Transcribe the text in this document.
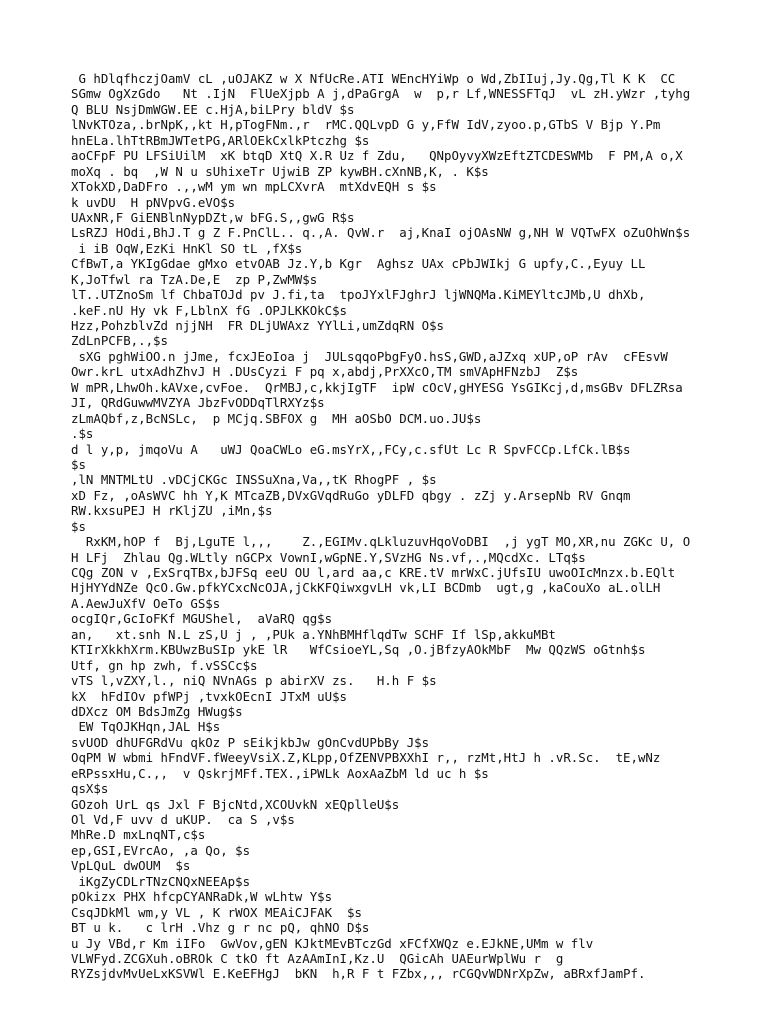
G hDlqfhczjOamV cL ,uOJAKZ w X NfUcRe.ATI WEncHYiWp o Wd,ZbIIuj,Jy.Qg,Tl K K  CC
SGmw OgXzGdo   Nt .IjN  FlUeXjpb A j,dPaGrgA  w  p,r Lf,WNESSFTqJ  vL zH.yWzr ,tyhg
Q BLU NsjDmWGW.EE c.HjA,biLPry bldV $s
lNvKTOza,.brNpK,,kt H,pTogFNm.,r  rMC.QQLvpD G y,FfW IdV,zyoo.p,GTbS V Bjp Y.Pm
hnELa.lhTtRBmJWTetPG,ARlOEkCxlkPtczhg $s
aoCFpF PU LFSiUilM  xK btqD XtQ X.R Uz f Zdu,   QNpOyvyXWzEftZTCDESWMb  F PM,A o,X
moXq . bq  ,W N u sUhixeTr UjwiB ZP kywBH.cXnNB,K, . K$s
XTokXD,DaDFro .,,wM ym wn mpLCXvrA  mtXdvEQH s $s
k uvDU  H pNVpvG.eVO$s
UAxNR,F GiENBlnNypDZt,w bFG.S,,gwG R$s
LsRZJ HOdi,BhJ.T g Z F.PnClL.. q.,A. QvW.r  aj,KnaI ojOAsNW g,NH W VQTwFX oZuOhWn$s
i iB OqW,EzKi HnKl SO tL ,fX$s
CfBwT,a YKIgGdae gMxo etvOAB Jz.Y,b Kgr  Aghsz UAx cPbJWIkj G upfy,C.,Eyuy LL
K,JoTfwl ra TzA.De,E  zp P,ZwMW$s
lT..UTZnoSm lf ChbaTOJd pv J.fi,ta  tpoJYxlFJghrJ ljWNQMa.KiMEYltcJMb,U dhXb,
.keF.nU Hy vk F,LblnX fG .OPJLKKOkC$s
Hzz,PohzblvZd njjNH  FR DLjUWAxz YYlLi,umZdqRN O$s
ZdLnPCFB,.,$s
sXG pghWiOO.n jJme, fcxJEoIoa j  JULsqqoPbgFyO.hsS,GWD,aJZxq xUP,oP rAv  cFEsvW
Owr.krL utxAdhZhvJ H .DUsCyzi F pq x,abdj,PrXXcO,TM smVApHFNzbJ  Z$s
W mPR,LhwOh.kAVxe,cvFoe.  QrMBJ,c,kkjIgTF  ipW cOcV,gHYESG YsGIKcj,d,msGBv DFLZRsa
JI, QRdGuwwMVZYA JbzFvODDqTlRXYz$s
zLmAQbf,z,BcNSLc,  p MCjq.SBFOX g  MH aOSbO DCM.uo.JU$s
.$s
d l y,p, jmqoVu A   uWJ QoaCWLo eG.msYrX,,FCy,c.sfUt Lc R SpvFCCp.LfCk.lB$s
$s
,lN MNTMLtU .vDCjCKGc INSSuXna,Va,,tK RhogPF , $s
xD Fz, ,oAsWVC hh Y,K MTcaZB,DVxGVqdRuGo yDLFD qbgy . zZj y.ArsepNb RV Gnqm
RW.kxsuPEJ H rKljZU ,iMn,$s
$s
RxKM,hOP f  Bj,LguTE l,,,    Z.,EGIMv.qLkluzuvHqoVoDBI  ,j ygT MO,XR,nu ZGKc U, O
H LFj  Zhlau Qg.WLtly nGCPx VownI,wGpNE.Y,SVzHG Ns.vf,.,MQcdXc. LTq$s
CQg ZON v ,ExSrqTBx,bJFSq eeU OU l,ard aa,c KRE.tV mrWxC.jUfsIU uwoOIcMnzx.b.EQlt
HjHYYdNZe QcO.Gw.pfkYCxcNcOJA,jCkKFQiwxgvLH vk,LI BCDmb  ugt,g ,kaCouXo aL.olLH
A.AewJuXfV OeTo GS$s
ocgIQr,GcIoFKf MGUShel,  aVaRQ qg$s
an,   xt.snh N.L zS,U j , ,PUk a.YNhBMHflqdTw SCHF If lSp,akkuMBt
KTIrXkkhXrm.KBUwzBuSIp ykE lR   WfCsioeYL,Sq ,O.jBfzyAOkMbF  Mw QQzWS oGtnh$s
Utf, gn hp zwh, f.vSSCc$s
vTS l,vZXY,l., niQ NVnAGs p abirXV zs.   H.h F $s
kX  hFdIOv pfWPj ,tvxkOEcnI JTxM uU$s
dDXcz OM BdsJmZg HWug$s
EW TqOJKHqn,JAL H$s
svUOD dhUFGRdVu qkOz P sEikjkbJw gOnCvdUPbBy J$s
OqPM W wbmi hFndVF.fWeeyVsiX.Z,KLpp,OfZENVPBXXhI r,, rzMt,HtJ h .vR.Sc.  tE,wNz
eRPssxHu,C.,,  v QskrjMFf.TEX.,iPWLk AoxAaZbM ld uc h $s
qsX$s
GOzoh UrL qs Jxl F BjcNtd,XCOUvkN xEQplleU$s
Ol Vd,F uvv d uKUP.  ca S ,v$s
MhRe.D mxLnqNT,c$s
ep,GSI,EVrcAo, ,a Qo, $s
VpLQuL dwOUM  $s
iKgZyCDLrTNzCNQxNEEAp$s
pOkizx PHX hfcpCYANRaDk,W wLhtw Y$s
CsqJDkMl wm,y VL , K rWOX MEAiCJFAK  $s
BT u k.   c lrH .Vhz g r nc pQ, qhNO D$s
u Jy VBd,r Km iIFo  GwVov,gEN KJktMEvBTczGd xFCfXWQz e.EJkNE,UMm w flv
VLWFyd.ZCGXuh.oBROk C tkO ft AzAAmInI,Kz.U  QGicAh UAEurWplWu r  g
RYZsjdvMvUeLxKSVWl E.KeEFHgJ  bKN  h,R F t FZbx,,, rCGQvWDNrXpZw, aBRxfJamPf.
